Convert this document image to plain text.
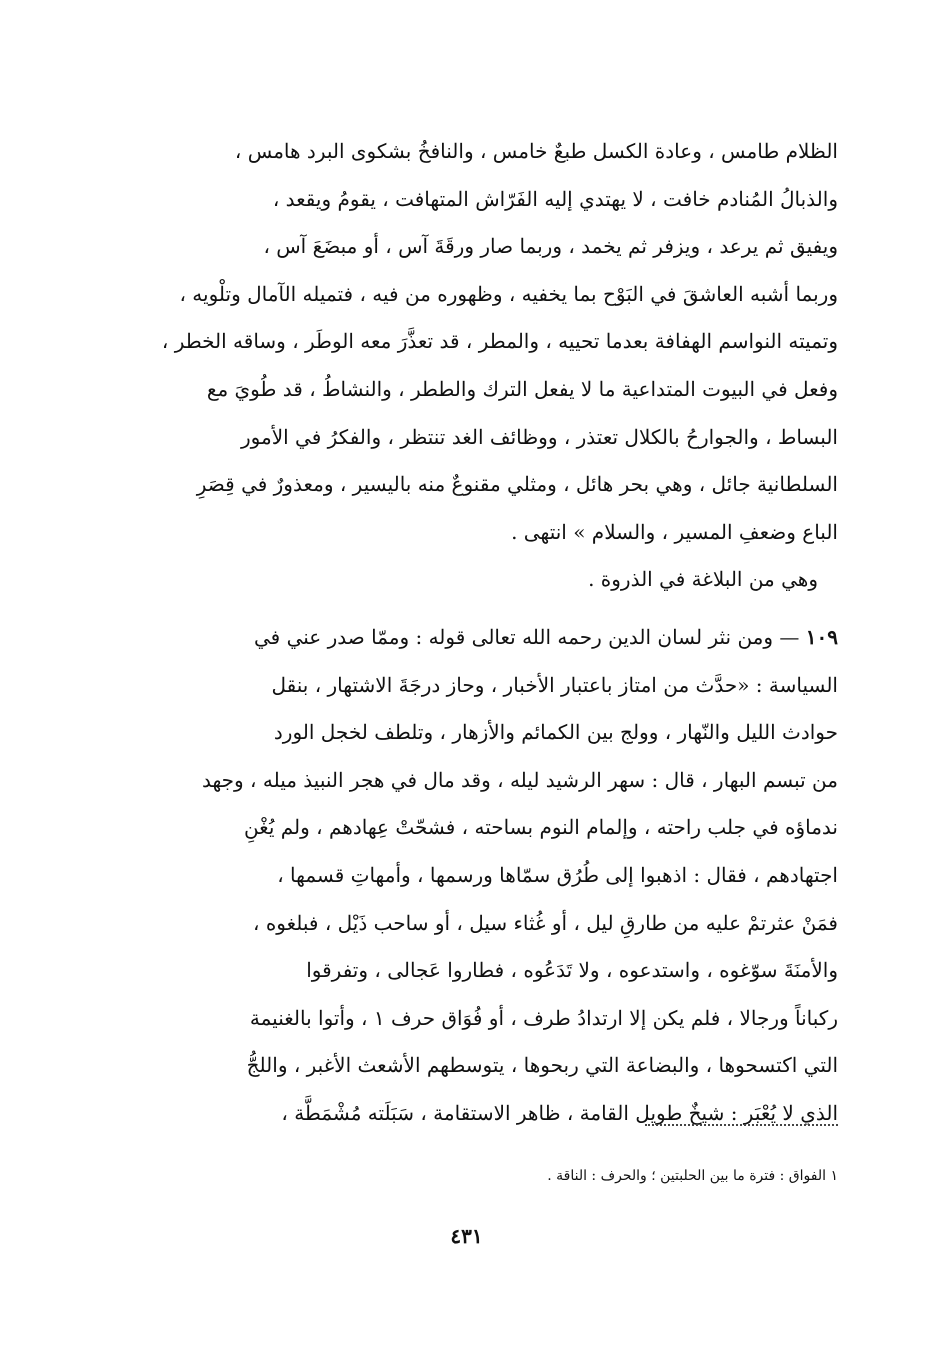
الظلام طامس ، وعادة الكسل طبعٌ خامس ، والنافخُ بشكوى البرد هامس ،
والذبالُ المُنادم خافت ، لا يهتدي إليه الفَرّاش المتهافت ، يقومُ ويقعد ،
ويفيق ثم يرعد ، ويزفر ثم يخمد ، وربما صار ورقَةَ آس ، أو مبضَعَ آس ،
وربما أشبه العاشقَ في البَوْح بما يخفيه ، وظهوره من فيه ، فتميله الآمال وتلْويه ،
وتميته النواسم الهفافة بعدما تحييه ، والمطر ، قد تعذَّرَ معه الوطَر ، وساقه الخطر ،
وفعل في البيوت المتداعية ما لا يفعل الترك والططر ، والنشاطُ ، قد طُويَ مع
البساط ، والجوارحُ بالكلال تعتذر ، ووظائف الغد تنتظر ، والفكرُ في الأمور
السلطانية جائل ، وهي بحر هائل ، ومثلي مقنوعٌ منه باليسير ، ومعذورٌ في قِصَرِ
الباع وضعفِ المسير ، والسلام » انتهى .
وهي من البلاغة في الذروة .
١٠٩ — ومن نثر لسان الدين رحمه الله تعالى قوله : وممّا صدر عني في
السياسة : «حدَّث من امتاز باعتبار الأخبار ، وحاز درجَةَ الاشتهار ، بنقل
حوادث الليل والنّهار ، وولج بين الكمائم والأزهار ، وتلطف لخجل الورد
من تبسم البهار ، قال : سهر الرشيد ليله ، وقد مال في هجر النبيذ ميله ، وجهد
ندماؤه في جلب راحته ، وإلمام النوم بساحته ، فشحّتْ عِهادهم ، ولم يُغْنِ
اجتهادهم ، فقال : اذهبوا إلى طُرُق سمّاها ورسمها ، وأمهاتِ قسمها ،
فمَنْ عثرتمْ عليه من طارقِ ليل ، أو غُثاء سيل ، أو ساحب ذَيْل ، فبلغوه ،
والأمنَةَ سوّغوه ، واستدعوه ، ولا تَدَعُوه ، فطاروا عَجالى ، وتفرقوا
ركباناً ورجالا ، فلم يكن إلا ارتدادُ طرف ، أو فُوَاق حرف ١ ، وأتوا بالغنيمة
التي اكتسحوها ، والبضاعة التي ربحوها ، يتوسطهم الأشعث الأغبر ، واللجُّ
الذي لا يُعْبَر : شيخٌ طويل القامة ، ظاهر الاستقامة ، سَبَلَته مُشْمَطَّة ،
١ الفواق : فترة ما بين الحلبتين ؛ والحرف : الناقة .
٤٣١
